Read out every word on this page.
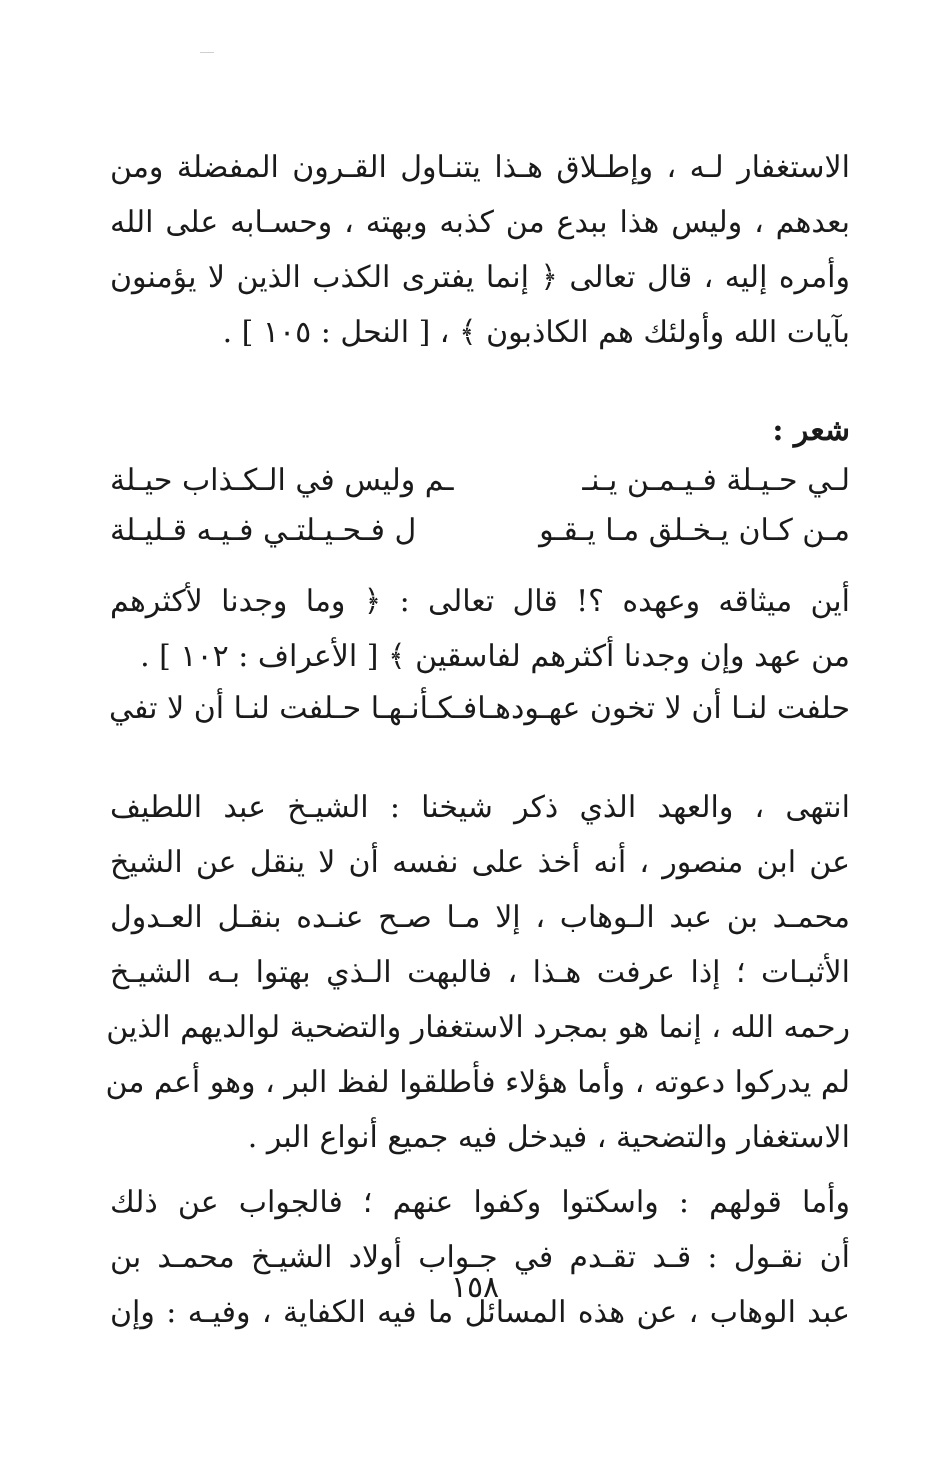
الاستغفار لـه ، وإطـلاق هـذا يتنـاول القـرون المفضلة ومن
بعدهم ، وليس هذا ببدع من كذبه وبهته ، وحسـابه على الله
وأمره إليه ، قال تعالى ﴿ إنما يفترى الكذب الذين لا يؤمنون
بآيات الله وأولئك هم الكاذبون ﴾ ، [ النحل : ١٠٥ ] .

شعر :

لـي حـيـلة فـيـمـن يـنـ
ـم وليس في الـكـذاب حيـلة
مـن كـان يـخـلق مـا يـقـو
ل فـحـيـلتـي فـيـه قـليـلة

أين ميثاقه وعهده ؟! قال تعالى : ﴿ وما وجدنا لأكثرهم
من عهد وإن وجدنا أكثرهم لفاسقين ﴾ [ الأعراف : ١٠٢ ] .

حلفت لنـا أن لا تخون عهـودهـا
فـكـأنـهـا حـلفت لنـا أن لا تفي

انتهى ، والعهد الذي ذكر شيخنا : الشيـخ عبد اللطيف
عن ابن منصور ، أنه أخذ على نفسه أن لا ينقل عن الشيخ
محمـد بن عبد الـوهاب ، إلا مـا صـح عنـده بنقـل العـدول
الأثبـات ؛ إذا عرفت هـذا ، فالبهت الـذي بهتوا بـه الشيـخ
رحمه الله ، إنما هو بمجرد الاستغفار والتضحية لوالديهم الذين
لم يدركوا دعوته ، وأما هؤلاء فأطلقوا لفظ البر ، وهو أعم من
الاستغفار والتضحية ، فيدخل فيه جميع أنواع البر .

وأما قولهم : واسكتوا وكفوا عنهم ؛ فالجواب عن ذلك
أن نقـول : قـد تقـدم في جـواب أولاد الشيـخ محمـد بن
عبد الوهاب ، عن هذه المسائل ما فيه الكفاية ، وفيـه : وإن

١٥٨
